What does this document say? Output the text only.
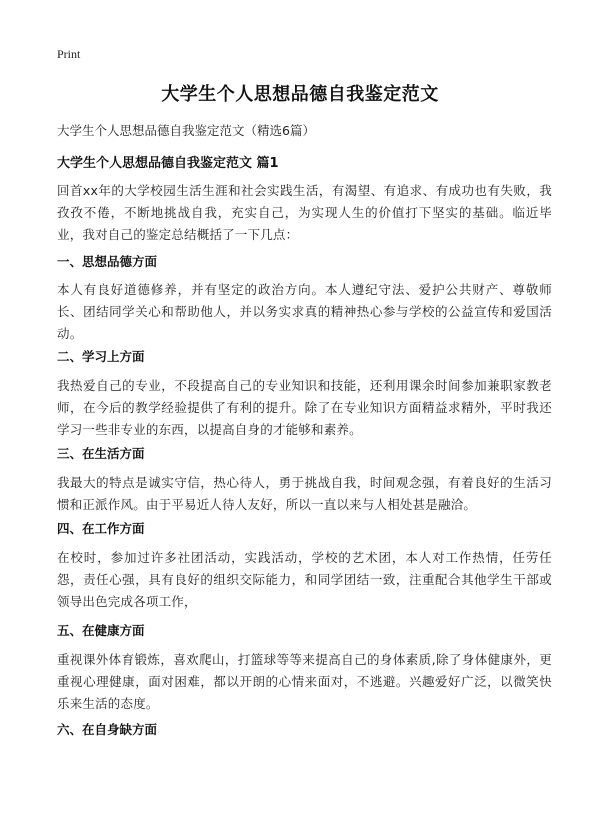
Print
大学生个人思想品德自我鉴定范文
大学生个人思想品德自我鉴定范文（精选6篇）
大学生个人思想品德自我鉴定范文 篇1
回首xx年的大学校园生活生涯和社会实践生活，有渴望、有追求、有成功也有失败，我孜孜不倦，不断地挑战自我，充实自己，为实现人生的价值打下坚实的基础。临近毕业，我对自己的鉴定总结概括了一下几点：
一、思想品德方面
本人有良好道德修养，并有坚定的政治方向。本人遵纪守法、爱护公共财产、尊敬师长、团结同学关心和帮助他人，并以务实求真的精神热心参与学校的公益宣传和爱国活动。
二、学习上方面
我热爱自己的专业，不段提高自己的专业知识和技能，还利用课余时间参加兼职家教老师，在今后的教学经验提供了有利的提升。除了在专业知识方面精益求精外，平时我还学习一些非专业的东西，以提高自身的才能够和素养。
三、在生活方面
我最大的特点是诚实守信，热心待人，勇于挑战自我，时间观念强，有着良好的生活习惯和正派作风。由于平易近人待人友好，所以一直以来与人相处甚是融洽。
四、在工作方面
在校时，参加过许多社团活动，实践活动，学校的艺术团，本人对工作热情，任劳任怨，责任心强，具有良好的组织交际能力，和同学团结一致，注重配合其他学生干部或领导出色完成各项工作，
五、在健康方面
重视课外体育锻炼，喜欢爬山，打篮球等等来提高自己的身体素质,除了身体健康外，更重视心理健康，面对困难，都以开朗的心情来面对，不逃避。兴趣爱好广泛，以微笑快乐来生活的态度。
六、在自身缺方面
